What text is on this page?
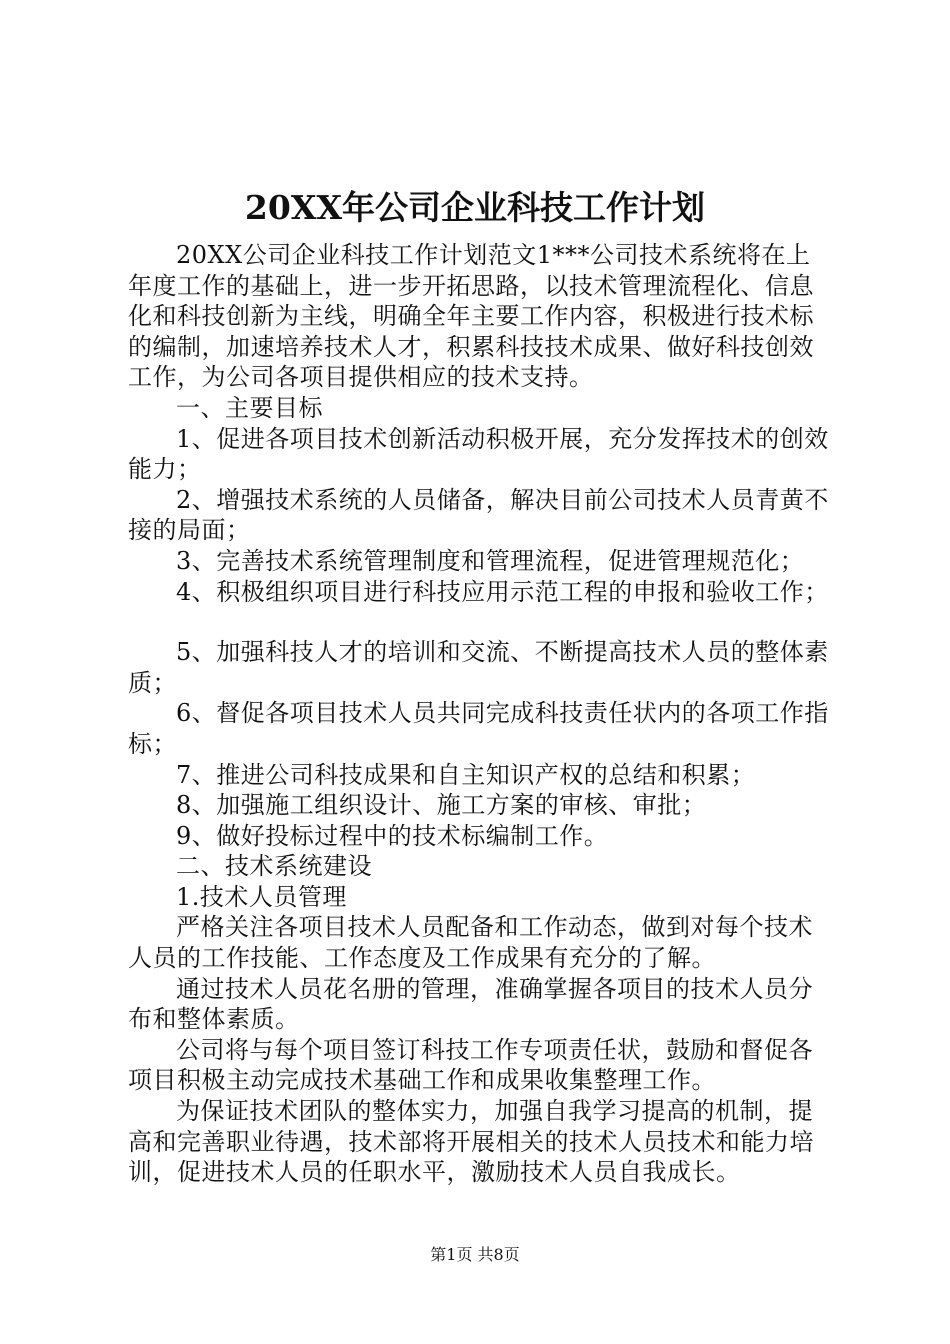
20XX年公司企业科技工作计划

20XX公司企业科技工作计划范文1***公司技术系统将在上年度工作的基础上，进一步开拓思路，以技术管理流程化、信息化和科技创新为主线，明确全年主要工作内容，积极进行技术标的编制，加速培养技术人才，积累科技技术成果、做好科技创效工作，为公司各项目提供相应的技术支持。

一、主要目标

1、促进各项目技术创新活动积极开展，充分发挥技术的创效能力；

2、增强技术系统的人员储备，解决目前公司技术人员青黄不接的局面；

3、完善技术系统管理制度和管理流程，促进管理规范化；

4、积极组织项目进行科技应用示范工程的申报和验收工作；

5、加强科技人才的培训和交流、不断提高技术人员的整体素质；

6、督促各项目技术人员共同完成科技责任状内的各项工作指标；

7、推进公司科技成果和自主知识产权的总结和积累；

8、加强施工组织设计、施工方案的审核、审批；

9、做好投标过程中的技术标编制工作。

二、技术系统建设

1.技术人员管理

严格关注各项目技术人员配备和工作动态，做到对每个技术人员的工作技能、工作态度及工作成果有充分的了解。

通过技术人员花名册的管理，准确掌握各项目的技术人员分布和整体素质。

公司将与每个项目签订科技工作专项责任状，鼓励和督促各项目积极主动完成技术基础工作和成果收集整理工作。

为保证技术团队的整体实力，加强自我学习提高的机制，提高和完善职业待遇，技术部将开展相关的技术人员技术和能力培训，促进技术人员的任职水平，激励技术人员自我成长。

第1页 共8页
